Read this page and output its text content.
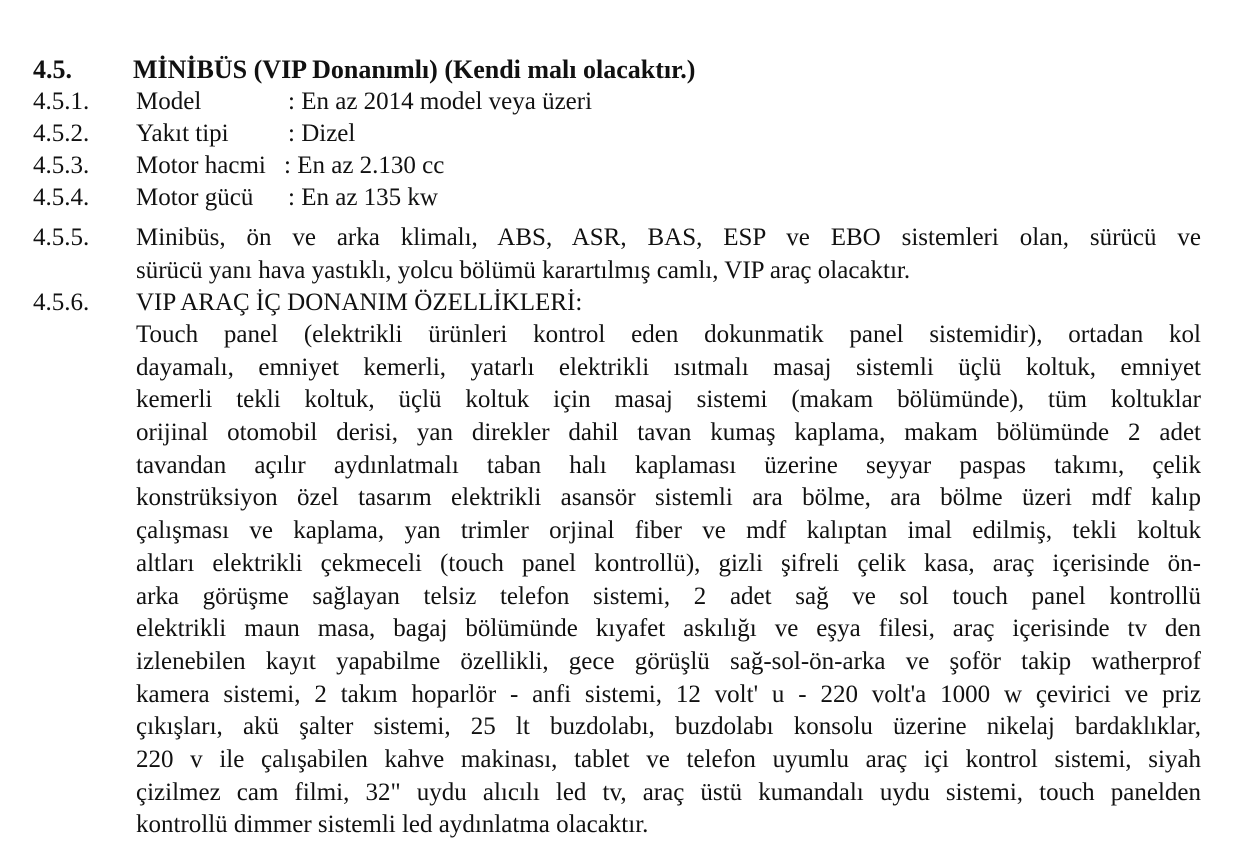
4.5. MİNİBÜS (VIP Donanımlı) (Kendi malı olacaktır.)
4.5.1. Model	: En az 2014 model veya üzeri
4.5.2. Yakıt tipi : Dizel
4.5.3. Motor hacmi : En az 2.130 cc
4.5.4. Motor gücü : En az 135 kw
4.5.5. Minibüs, ön ve arka klimalı, ABS, ASR, BAS, ESP ve EBO sistemleri olan, sürücü ve
sürücü yanı hava yastıklı, yolcu bölümü karartılmış camlı, VIP araç olacaktır.
4.5.6. VIP ARAÇ İÇ DONANIM ÖZELLİKLERİ:
Touch panel (elektrikli ürünleri kontrol eden dokunmatik panel sistemidir), ortadan kol
dayamalı, emniyet kemerli, yatarlı elektrikli ısıtmalı masaj sistemli üçlü koltuk, emniyet
kemerli tekli koltuk, üçlü koltuk için masaj sistemi (makam bölümünde), tüm koltuklar
orijinal otomobil derisi, yan direkler dahil tavan kumaş kaplama, makam bölümünde 2 adet
tavandan açılır aydınlatmalı taban halı kaplaması üzerine seyyar paspas takımı, çelik
konstrüksiyon özel tasarım elektrikli asansör sistemli ara bölme, ara bölme üzeri mdf kalıp
çalışması ve kaplama, yan trimler orjinal fiber ve mdf kalıptan imal edilmiş, tekli koltuk
altları elektrikli çekmeceli (touch panel kontrollü), gizli şifreli çelik kasa, araç içerisinde ön-
arka görüşme sağlayan telsiz telefon sistemi, 2 adet sağ ve sol touch panel kontrollü
elektrikli maun masa, bagaj bölümünde kıyafet askılığı ve eşya filesi, araç içerisinde tv den
izlenebilen kayıt yapabilme özellikli, gece görüşlü sağ-sol-ön-arka ve şoför takip watherprof
kamera sistemi, 2 takım hoparlör - anfi sistemi, 12 volt' u - 220 volt'a 1000 w çevirici ve priz
çıkışları, akü şalter sistemi, 25 lt buzdolabı, buzdolabı konsolu üzerine nikelaj bardaklıklar,
220 v ile çalışabilen kahve makinası, tablet ve telefon uyumlu araç içi kontrol sistemi, siyah
çizilmez cam filmi, 32" uydu alıcılı led tv, araç üstü kumandalı uydu sistemi, touch panelden
kontrollü dimmer sistemli led aydınlatma olacaktır.
